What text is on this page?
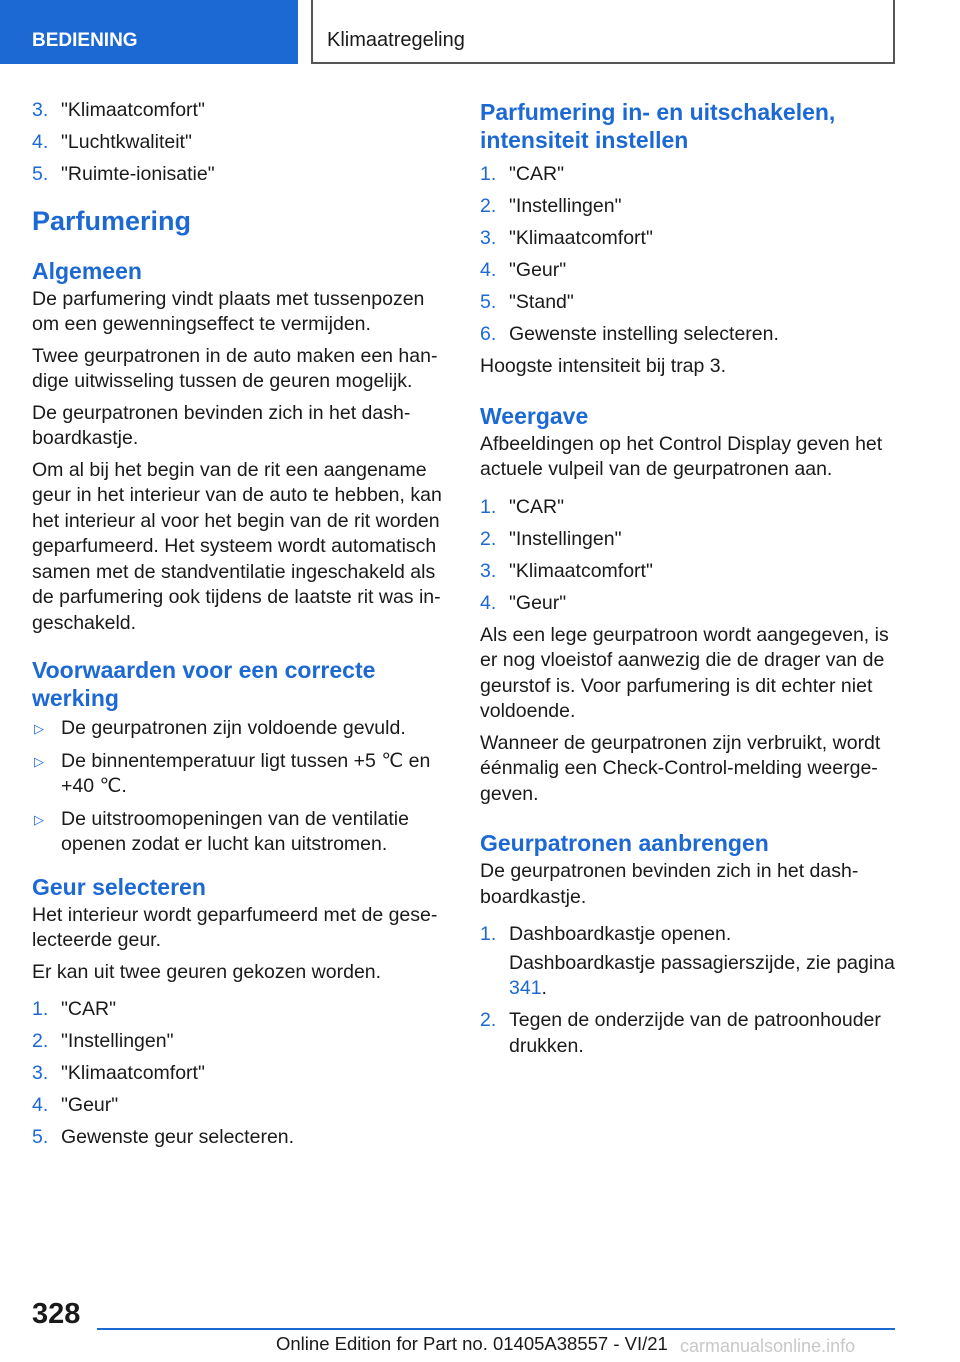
BEDIENING	Klimaatregeling
3. "Klimaatcomfort"
4. "Luchtkwaliteit"
5. "Ruimte-ionisatie"
Parfumering
Algemeen

De parfumering vindt plaats met tussenpozen om een gewenningseffect te vermijden.

Twee geurpatronen in de auto maken een handige uitwisseling tussen de geuren mogelijk.

De geurpatronen bevinden zich in het dashboardkastje.

Om al bij het begin van de rit een aangename geur in het interieur van de auto te hebben, kan het interieur al voor het begin van de rit worden geparfumeerd. Het systeem wordt automatisch samen met de standventilatie ingeschakeld als de parfumering ook tijdens de laatste rit was ingeschakeld.

Voorwaarden voor een correcte werking
▷ De geurpatronen zijn voldoende gevuld.
▷ De binnentemperatuur ligt tussen +5 ℃ en +40 ℃.
▷ De uitstroomopeningen van de ventilatie openen zodat er lucht kan uitstromen.
Geur selecteren

Het interieur wordt geparfumeerd met de geselecteerde geur.

Er kan uit twee geuren gekozen worden.

1. "CAR"
2. "Instellingen"
3. "Klimaatcomfort"
4. "Geur"
5. Gewenste geur selecteren.
Parfumering in- en uitschakelen, intensiteit instellen
1. "CAR"
2. "Instellingen"
3. "Klimaatcomfort"
4. "Geur"
5. "Stand"
6. Gewenste instelling selecteren.

Hoogste intensiteit bij trap 3.

Weergave

Afbeeldingen op het Control Display geven het actuele vulpeil van de geurpatronen aan.

1. "CAR"
2. "Instellingen"
3. "Klimaatcomfort"
4. "Geur"

Als een lege geurpatroon wordt aangegeven, is er nog vloeistof aanwezig die de drager van de geurstof is. Voor parfumering is dit echter niet voldoende.

Wanneer de geurpatronen zijn verbruikt, wordt éénmalig een Check-Control-melding weergegeven.

Geurpatronen aanbrengen

De geurpatronen bevinden zich in het dashboardkastje.

1. Dashboardkastje openen.

Dashboardkastje passagierszijde, zie pagina 341.

2. Tegen de onderzijde van de patroonhouder drukken.
328
Online Edition for Part no. 01405A38557 - VI/21 carmanualsonline.info
